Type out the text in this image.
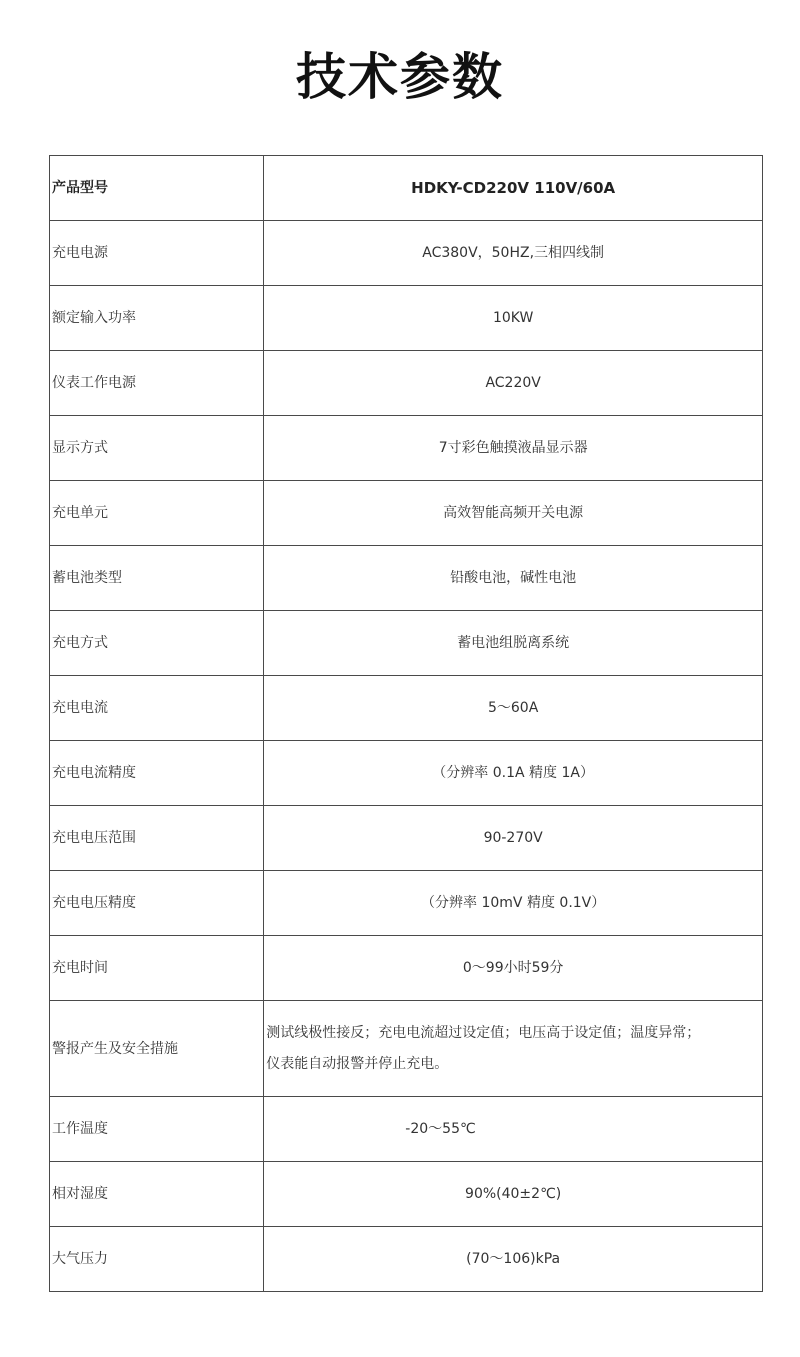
技术参数
产品型号	HDKY-CD220V 110V/60A
充电电源	AC380V，50HZ,三相四线制
额定输入功率	10KW
仪表工作电源	AC220V
显示方式	7寸彩色触摸液晶显示器
充电单元	高效智能高频开关电源
蓄电池类型	铅酸电池，碱性电池
充电方式	蓄电池组脱离系统
充电电流	5～60A
充电电流精度	（分辨率 0.1A 精度 1A）
充电电压范围	90-270V
充电电压精度	（分辨率 10mV 精度 0.1V）
充电时间	0～99小时59分
警报产生及安全措施	测试线极性接反；充电电流超过设定值；电压高于设定值；温度异常；
仪表能自动报警并停止充电。

工作温度	-20～55℃
相对湿度	90%(40±2℃)
大气压力	(70～106)kPa
